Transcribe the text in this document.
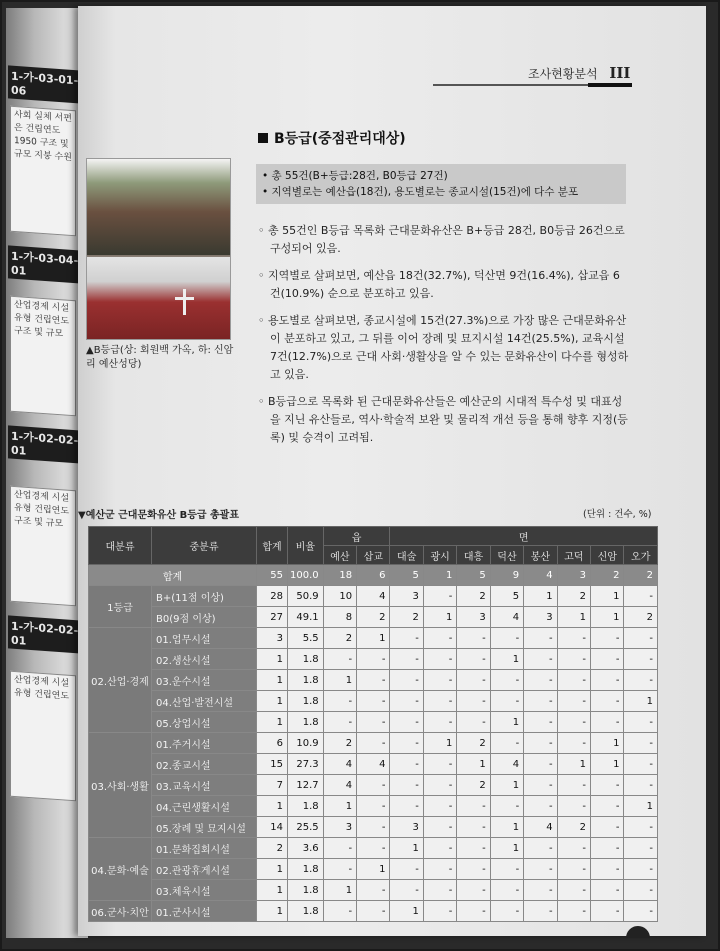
1-가-03-01-06
사회 실체 서편은 건립연도 1950 구조 및 규모 지붕 수원
1-가-03-04-01
산업경제 시설 유형 건립연도 구조 및 규모
1-가-02-02-01
산업경제 시설 유형 건립연도 구조 및 규모
1-가-02-02-01
산업경제 시설 유형 건립연도
조사현황분석 III
▲B등급(상: 회원백 가옥, 하: 신암리 예산성당)
B등급(중점관리대상)
• 총 55건(B+등급:28건, B0등급 27건)
• 지역별로는 예산읍(18건), 용도별로는 종교시설(15건)에 다수 분포

◦ 총 55건인 B등급 목록화 근대문화유산은 B+등급 28건, B0등급 26건으로 구성되어 있음.

◦ 지역별로 살펴보면, 예산읍 18건(32.7%), 덕산면 9건(16.4%), 삽교읍 6건(10.9%) 순으로 분포하고 있음.

◦ 용도별로 살펴보면, 종교시설에 15건(27.3%)으로 가장 많은 근대문화유산이 분포하고 있고, 그 뒤를 이어 장례 및 묘지시설 14건(25.5%), 교육시설 7건(12.7%)으로 근대 사회·생활상을 알 수 있는 문화유산이 다수를 형성하고 있음.

◦ B등급으로 목록화 된 근대문화유산들은 예산군의 시대적 특수성 및 대표성을 지닌 유산들로, 역사·학술적 보완 및 물리적 개선 등을 통해 향후 지정(등록) 및 승격이 고려됨.

▼예산군 근대문화유산 B등급 총괄표	(단위 : 건수, %)
대분류	중분류	합계	비율	읍		면							
				예산	삽교	대술	광시	대흥	덕산	봉산	고덕	신암	오가
합계		55	100.0	18	6	5	1	5	9	4	3	2	2
1등급	B+(11점 이상)	28	50.9	10	4	3	-	2	5	1	2	1	-
	B0(9점 이상)	27	49.1	8	2	2	1	3	4	3	1	1	2
02.산업·경제	01.업무시설	3	5.5	2	1	-	-	-	-	-	-	-	-
	02.생산시설	1	1.8	-	-	-	-	-	1	-	-	-	-
	03.운수시설	1	1.8	1	-	-	-	-	-	-	-	-	-
	04.산업·발전시설	1	1.8	-	-	-	-	-	-	-	-	-	1
	05.상업시설	1	1.8	-	-	-	-	-	1	-	-	-	-
03.사회·생활	01.주거시설	6	10.9	2	-	-	1	2	-	-	-	1	-
	02.종교시설	15	27.3	4	4	-	-	1	4	-	1	1	-
	03.교육시설	7	12.7	4	-	-	-	2	1	-	-	-	-
	04.근린생활시설	1	1.8	1	-	-	-	-	-	-	-	-	1
	05.장례 및 묘지시설	14	25.5	3	-	3	-	-	1	4	2	-	-
04.문화·예술	01.문화집회시설	2	3.6	-	-	1	-	-	1	-	-	-	-
	02.관광휴게시설	1	1.8	-	1	-	-	-	-	-	-	-	-
	03.체육시설	1	1.8	1	-	-	-	-	-	-	-	-	-
06.군사·치안	01.군사시설	1	1.8	-	-	1	-	-	-	-	-	-	-
